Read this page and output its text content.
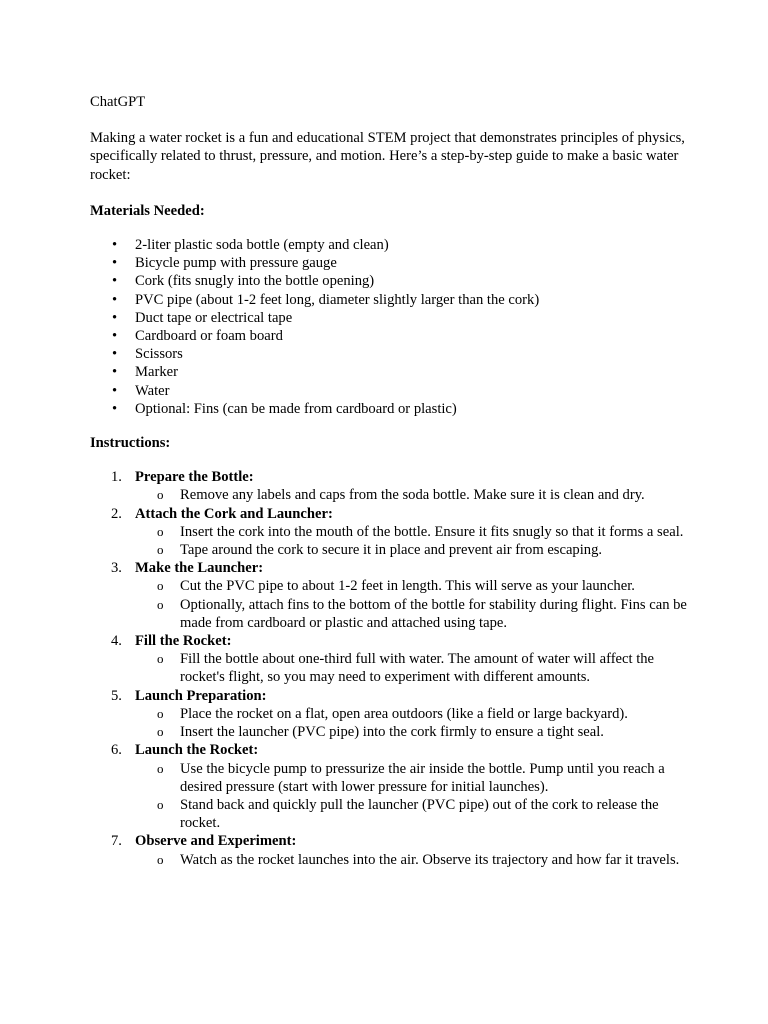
ChatGPT

Making a water rocket is a fun and educational STEM project that demonstrates principles of physics, specifically related to thrust, pressure, and motion. Here’s a step-by-step guide to make a basic water rocket:

Materials Needed:

• 2-liter plastic soda bottle (empty and clean)
• Bicycle pump with pressure gauge
• Cork (fits snugly into the bottle opening)
• PVC pipe (about 1-2 feet long, diameter slightly larger than the cork)
• Duct tape or electrical tape
• Cardboard or foam board
• Scissors
• Marker
• Water
• Optional: Fins (can be made from cardboard or plastic)

Instructions:

1. Prepare the Bottle:
o Remove any labels and caps from the soda bottle. Make sure it is clean and dry.
2. Attach the Cork and Launcher:
o Insert the cork into the mouth of the bottle. Ensure it fits snugly so that it forms a seal.
o Tape around the cork to secure it in place and prevent air from escaping.
3. Make the Launcher:
o Cut the PVC pipe to about 1-2 feet in length. This will serve as your launcher.
o Optionally, attach fins to the bottom of the bottle for stability during flight. Fins can be made from cardboard or plastic and attached using tape.
4. Fill the Rocket:
o Fill the bottle about one-third full with water. The amount of water will affect the rocket's flight, so you may need to experiment with different amounts.
5. Launch Preparation:
o Place the rocket on a flat, open area outdoors (like a field or large backyard).
o Insert the launcher (PVC pipe) into the cork firmly to ensure a tight seal.
6. Launch the Rocket:
o Use the bicycle pump to pressurize the air inside the bottle. Pump until you reach a desired pressure (start with lower pressure for initial launches).
o Stand back and quickly pull the launcher (PVC pipe) out of the cork to release the rocket.
7. Observe and Experiment:
o Watch as the rocket launches into the air. Observe its trajectory and how far it travels.
